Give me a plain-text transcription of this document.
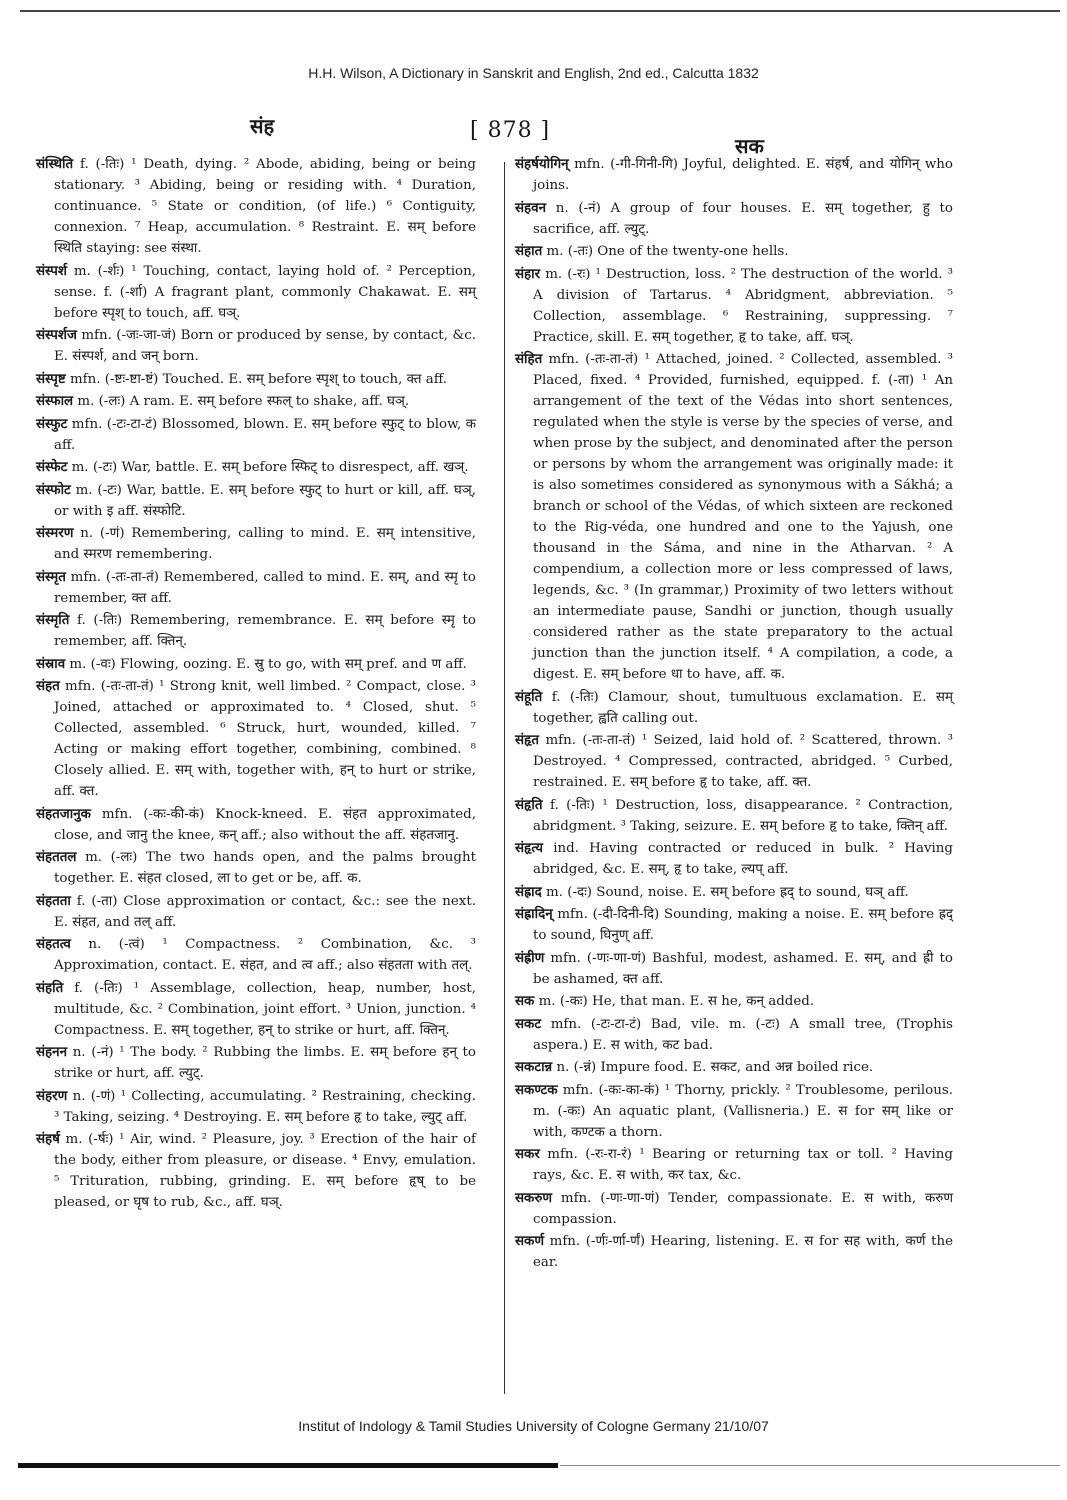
H.H. Wilson, A Dictionary in Sanskrit and English, 2nd ed., Calcutta 1832
संह	[ 878 ]
सक

संस्थिति f. (-तिः) ¹ Death, dying. ² Abode, abiding, being or being stationary. ³ Abiding, being or residing with. ⁴ Duration, continuance. ⁵ State or condition, (of life.) ⁶ Contiguity, connexion. ⁷ Heap, accumulation. ⁸ Restraint. E. सम् before स्थिति staying: see संस्था.

संस्पर्श m. (-र्शः) ¹ Touching, contact, laying hold of. ² Perception, sense. f. (-र्शा) A fragrant plant, commonly Chakawat. E. सम् before स्पृश् to touch, aff. घञ्.

संस्पर्शज mfn. (-जः-जा-जं) Born or produced by sense, by contact, &c. E. संस्पर्श, and जन् born.

संस्पृष्ट mfn. (-ष्टः-ष्टा-ष्टं) Touched. E. सम् before स्पृश् to touch, क्त aff.

संस्फाल m. (-लः) A ram. E. सम् before स्फल् to shake, aff. घञ्.

संस्फुट mfn. (-टः-टा-टं) Blossomed, blown. E. सम् before स्फुट् to blow, क aff.

संस्फेट m. (-टः) War, battle. E. सम् before स्फिट् to disrespect, aff. खञ्.

संस्फोट m. (-टः) War, battle. E. सम् before स्फुट् to hurt or kill, aff. घञ्, or with इ aff. संस्फोटि.

संस्मरण n. (-णं) Remembering, calling to mind. E. सम् intensitive, and स्मरण remembering.

संस्मृत mfn. (-तः-ता-तं) Remembered, called to mind. E. सम्, and स्मृ to remember, क्त aff.

संस्मृति f. (-तिः) Remembering, remembrance. E. सम् before स्मृ to remember, aff. क्तिन्.

संस्राव m. (-वः) Flowing, oozing. E. स्रु to go, with सम् pref. and ण aff.

संहत mfn. (-तः-ता-तं) ¹ Strong knit, well limbed. ² Compact, close. ³ Joined, attached or approximated to. ⁴ Closed, shut. ⁵ Collected, assembled. ⁶ Struck, hurt, wounded, killed. ⁷ Acting or making effort together, combining, combined. ⁸ Closely allied. E. सम् with, together with, हन् to hurt or strike, aff. क्त.

संहतजानुक mfn. (-कः-की-कं) Knock-kneed. E. संहत approximated, close, and जानु the knee, कन् aff.; also without the aff. संहतजानु.

संहततल m. (-लः) The two hands open, and the palms brought together. E. संहत closed, ला to get or be, aff. क.

संहतता f. (-ता) Close approximation or contact, &c.: see the next. E. संहत, and तल् aff.

संहतत्व n. (-त्वं) ¹ Compactness. ² Combination, &c. ³ Approximation, contact. E. संहत, and त्व aff.; also संहतता with तल्.

संहति f. (-तिः) ¹ Assemblage, collection, heap, number, host, multitude, &c. ² Combination, joint effort. ³ Union, junction. ⁴ Compactness. E. सम् together, हन् to strike or hurt, aff. क्तिन्.

संहनन n. (-नं) ¹ The body. ² Rubbing the limbs. E. सम् before हन् to strike or hurt, aff. ल्युट्.

संहरण n. (-णं) ¹ Collecting, accumulating. ² Restraining, checking. ³ Taking, seizing. ⁴ Destroying. E. सम् before हृ to take, ल्युट् aff.

संहर्ष m. (-र्षः) ¹ Air, wind. ² Pleasure, joy. ³ Erection of the hair of the body, either from pleasure, or disease. ⁴ Envy, emulation. ⁵ Trituration, rubbing, grinding. E. सम् before हृष् to be pleased, or घृष to rub, &c., aff. घञ्.

संहर्षयोगिन् mfn. (-गी-गिनी-गि) Joyful, delighted. E. संहर्ष, and योगिन् who joins.

संहवन n. (-नं) A group of four houses. E. सम् together, हु to sacrifice, aff. ल्युट्.

संहात m. (-तः) One of the twenty-one hells.

संहार m. (-रः) ¹ Destruction, loss. ² The destruction of the world. ³ A division of Tartarus. ⁴ Abridgment, abbreviation. ⁵ Collection, assemblage. ⁶ Restraining, suppressing. ⁷ Practice, skill. E. सम् together, हृ to take, aff. घञ्.

संहित mfn. (-तः-ता-तं) ¹ Attached, joined. ² Collected, assembled. ³ Placed, fixed. ⁴ Provided, furnished, equipped. f. (-ता) ¹ An arrangement of the text of the Védas into short sentences, regulated when the style is verse by the species of verse, and when prose by the subject, and denominated after the person or persons by whom the arrangement was originally made: it is also sometimes considered as synonymous with a Sákhá; a branch or school of the Védas, of which sixteen are reckoned to the Rig-véda, one hundred and one to the Yajush, one thousand in the Sáma, and nine in the Atharvan. ² A compendium, a collection more or less compressed of laws, legends, &c. ³ (In grammar,) Proximity of two letters without an intermediate pause, Sandhi or junction, though usually considered rather as the state preparatory to the actual junction than the junction itself. ⁴ A compilation, a code, a digest. E. सम् before धा to have, aff. क.

संहूति f. (-तिः) Clamour, shout, tumultuous exclamation. E. सम् together, ह्वति calling out.

संहृत mfn. (-तः-ता-तं) ¹ Seized, laid hold of. ² Scattered, thrown. ³ Destroyed. ⁴ Compressed, contracted, abridged. ⁵ Curbed, restrained. E. सम् before हृ to take, aff. क्त.

संहृति f. (-तिः) ¹ Destruction, loss, disappearance. ² Contraction, abridgment. ³ Taking, seizure. E. सम् before हृ to take, क्तिन् aff.

संहृत्य ind. Having contracted or reduced in bulk. ² Having abridged, &c. E. सम्, हृ to take, ल्यप् aff.

संह्राद m. (-दः) Sound, noise. E. सम् before ह्रद् to sound, घञ् aff.

संह्रादिन् mfn. (-दी-दिनी-दि) Sounding, making a noise. E. सम् before ह्रद् to sound, घिनुण् aff.

संह्रीण mfn. (-णः-णा-णं) Bashful, modest, ashamed. E. सम्, and ह्री to be ashamed, क्त aff.

सक m. (-कः) He, that man. E. स he, कन् added.

सकट mfn. (-टः-टा-टं) Bad, vile. m. (-टः) A small tree, (Trophis aspera.) E. स with, कट bad.

सकटान्न n. (-न्नं) Impure food. E. सकट, and अन्न boiled rice.

सकण्टक mfn. (-कः-का-कं) ¹ Thorny, prickly. ² Troublesome, perilous. m. (-कः) An aquatic plant, (Vallisneria.) E. स for सम् like or with, कण्टक a thorn.

सकर mfn. (-रः-रा-रं) ¹ Bearing or returning tax or toll. ² Having rays, &c. E. स with, कर tax, &c.

सकरुण mfn. (-णः-णा-णं) Tender, compassionate. E. स with, करुण compassion.

सकर्ण mfn. (-र्णः-र्णा-र्णं) Hearing, listening. E. स for सह with, कर्ण the ear.

Institut of Indology & Tamil Studies University of Cologne Germany 21/10/07
